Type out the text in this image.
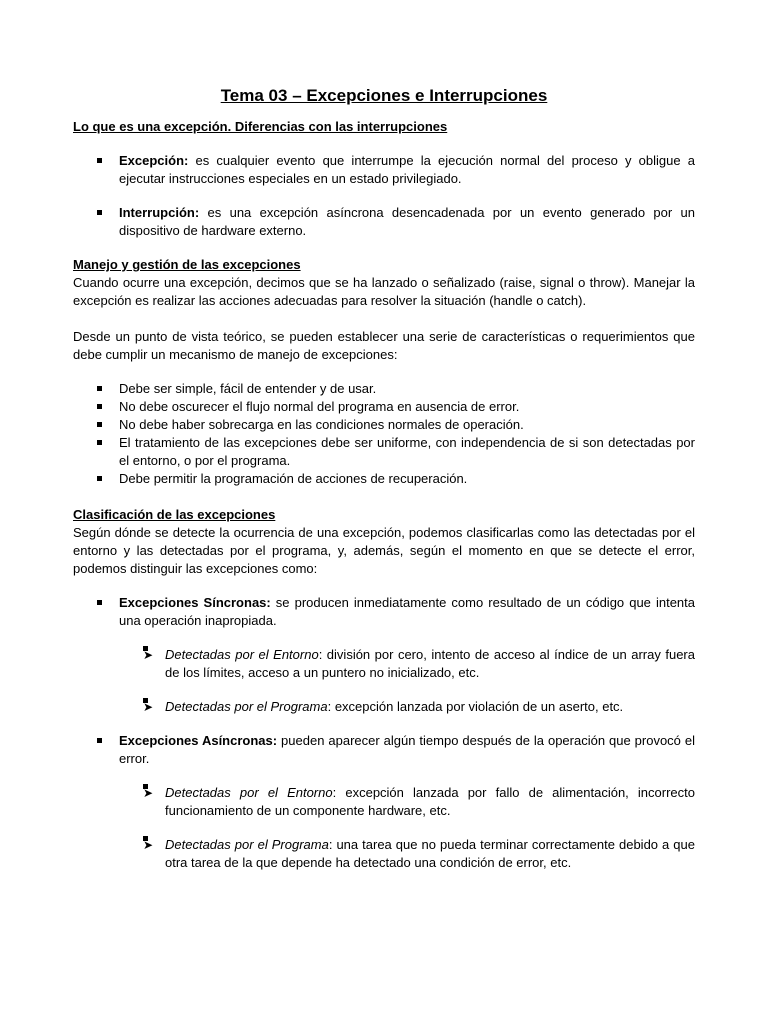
Tema 03 – Excepciones e Interrupciones
Lo que es una excepción. Diferencias con las interrupciones
Excepción: es cualquier evento que interrumpe la ejecución normal del proceso y obligue a ejecutar instrucciones especiales en un estado privilegiado.
Interrupción: es una excepción asíncrona desencadenada por un evento generado por un dispositivo de hardware externo.
Manejo y gestión de las excepciones

Cuando ocurre una excepción, decimos que se ha lanzado o señalizado (raise, signal o throw). Manejar la excepción es realizar las acciones adecuadas para resolver la situación (handle o catch).

Desde un punto de vista teórico, se pueden establecer una serie de características o requerimientos que debe cumplir un mecanismo de manejo de excepciones:

Debe ser simple, fácil de entender y de usar.
No debe oscurecer el flujo normal del programa en ausencia de error.
No debe haber sobrecarga en las condiciones normales de operación.
El tratamiento de las excepciones debe ser uniforme, con independencia de si son detectadas por el entorno, o por el programa.
Debe permitir la programación de acciones de recuperación.
Clasificación de las excepciones

Según dónde se detecte la ocurrencia de una excepción, podemos clasificarlas como las detectadas por el entorno y las detectadas por el programa, y, además, según el momento en que se detecte el error, podemos distinguir las excepciones como:

Excepciones Síncronas: se producen inmediatamente como resultado de un código que intenta una operación inapropiada.
➤ Detectadas por el Entorno: división por cero, intento de acceso al índice de un array fuera de los límites, acceso a un puntero no inicializado, etc.
➤ Detectadas por el Programa: excepción lanzada por violación de un aserto, etc.
Excepciones Asíncronas: pueden aparecer algún tiempo después de la operación que provocó el error.
➤ Detectadas por el Entorno: excepción lanzada por fallo de alimentación, incorrecto funcionamiento de un componente hardware, etc.
➤ Detectadas por el Programa: una tarea que no pueda terminar correctamente debido a que otra tarea de la que depende ha detectado una condición de error, etc.
